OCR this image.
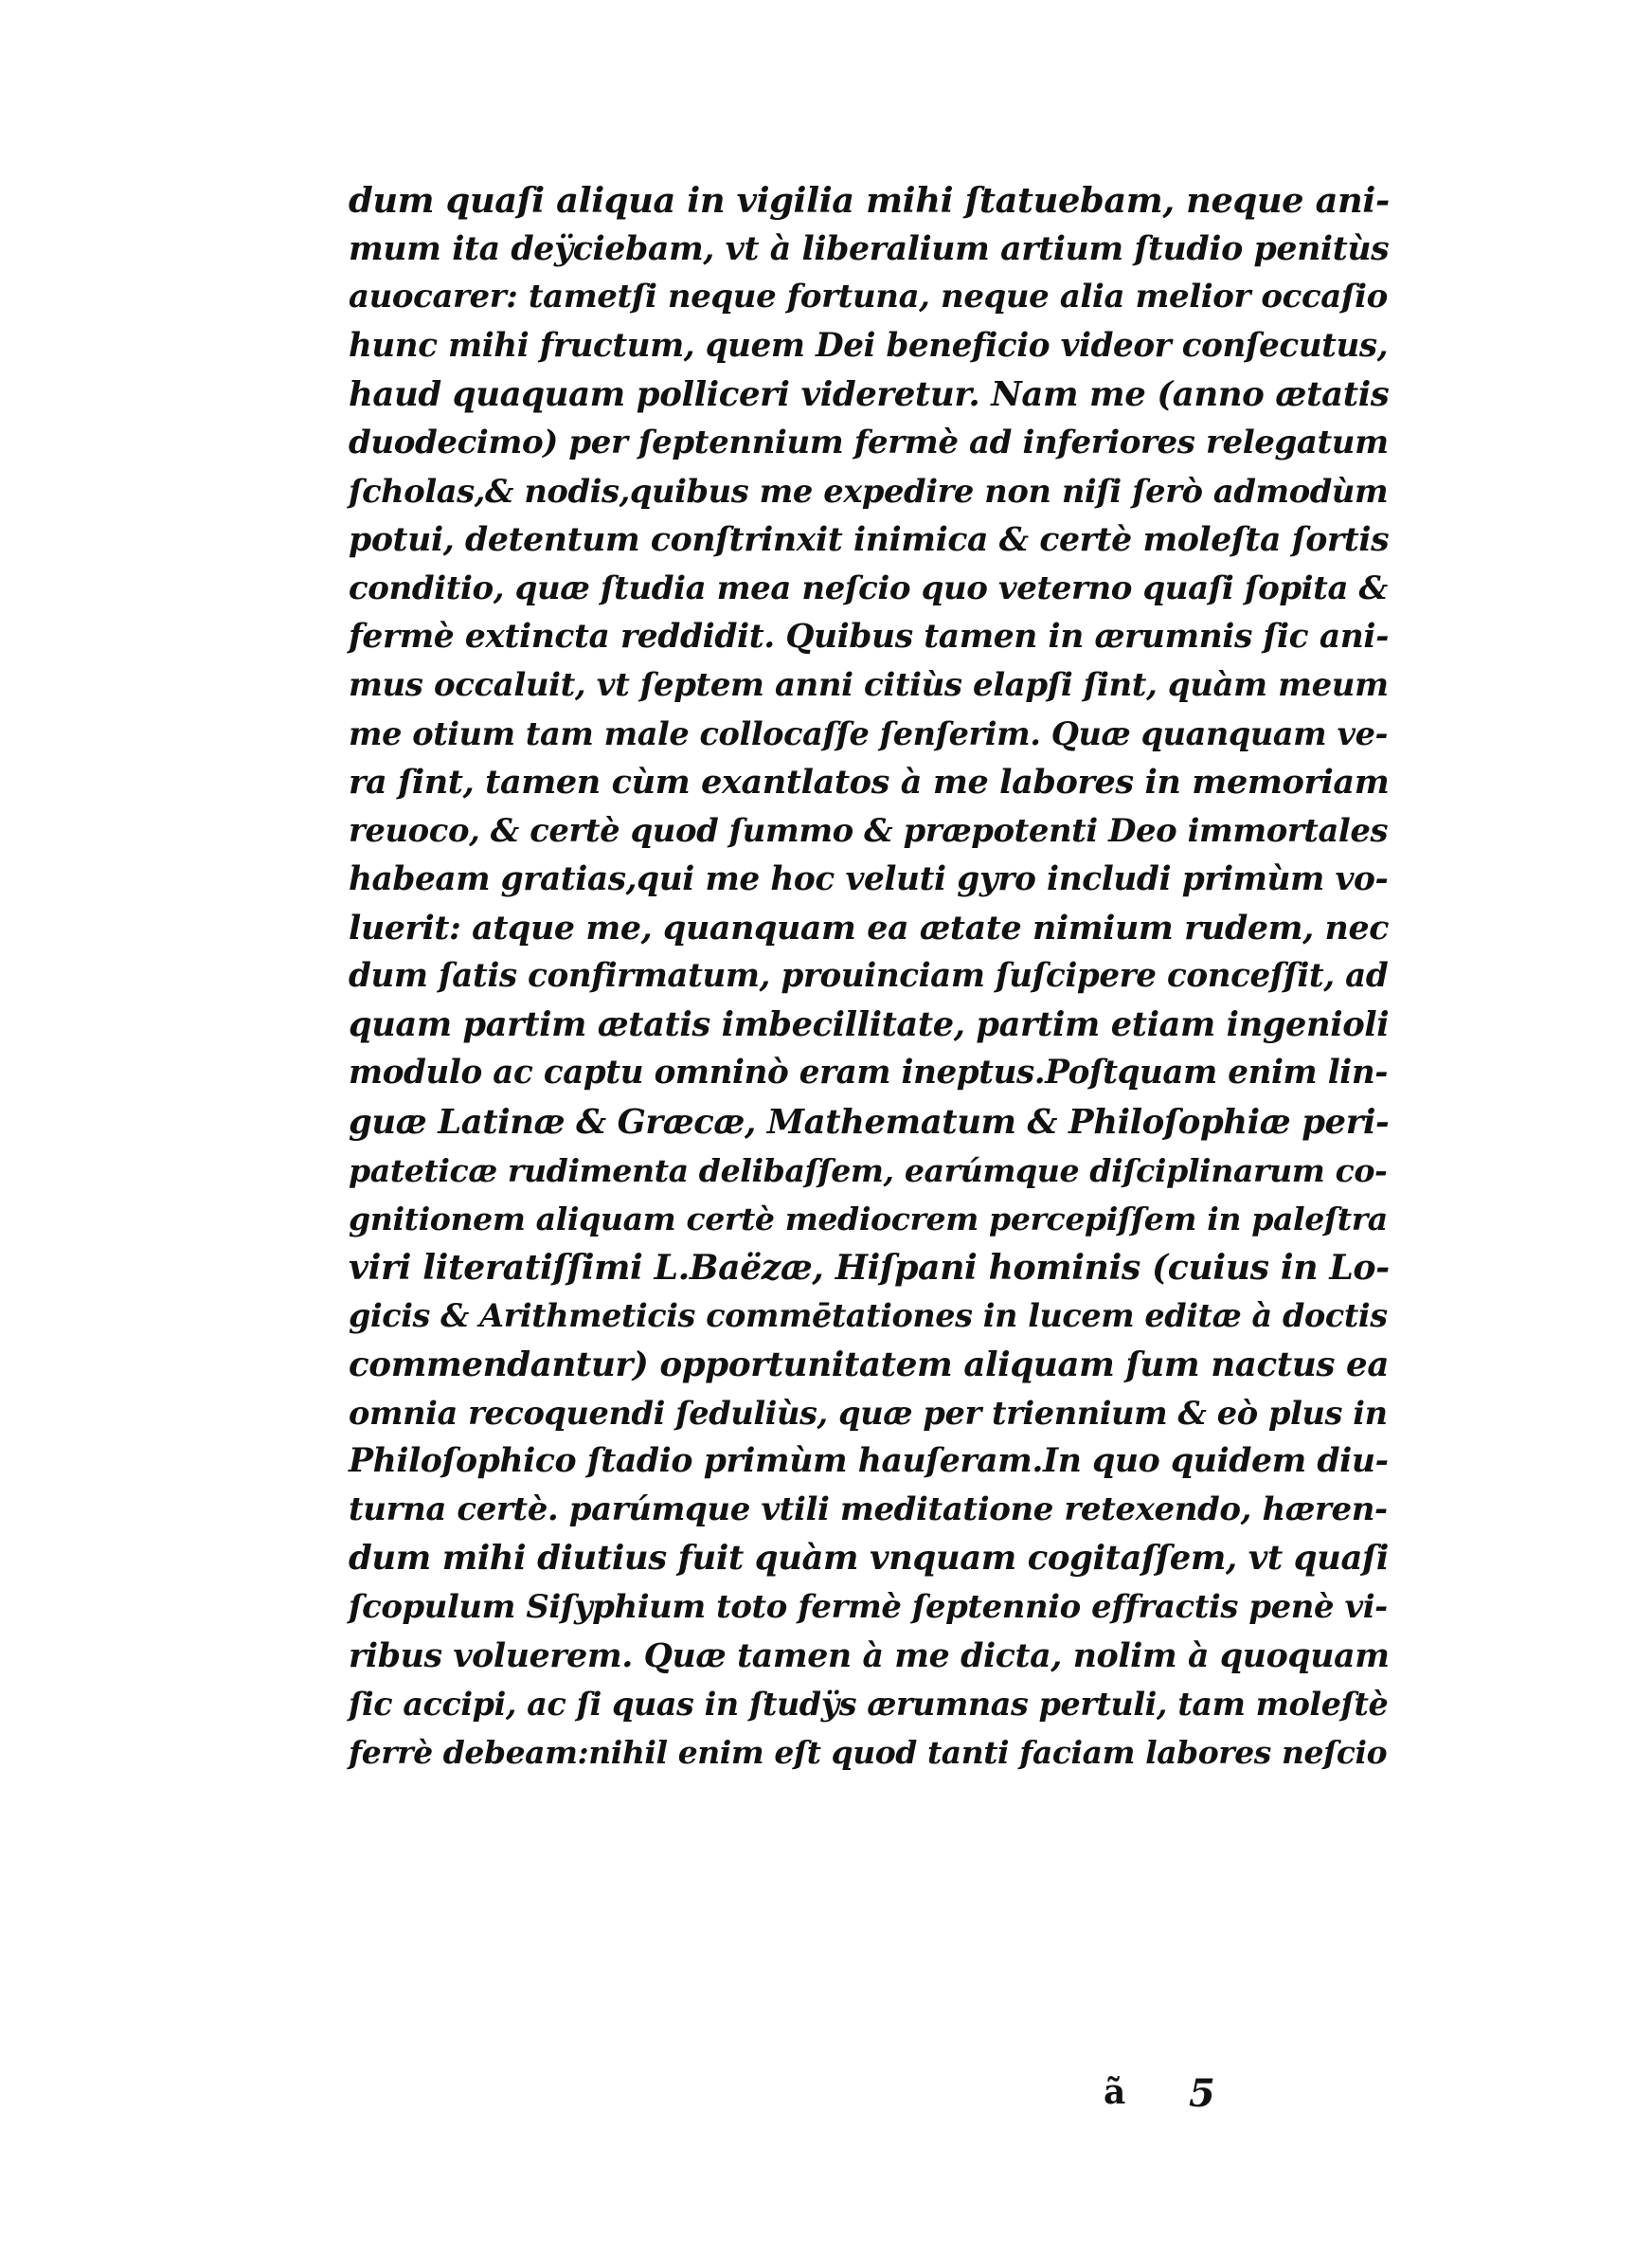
dum quaſi aliqua in vigilia mihi ſtatuebam, neque ani-
mum ita deÿciebam, vt à liberalium artium ſtudio penitùs
auocarer: tametſi neque fortuna, neque alia melior occaſio
hunc mihi fructum, quem Dei beneficio videor conſecutus,
haud quaquam polliceri videretur. Nam me (anno ætatis
duodecimo) per ſeptennium fermè ad inferiores relegatum
ſcholas,& nodis,quibus me expedire non niſi ſerò admodùm
potui, detentum conſtrinxit inimica & certè moleſta ſortis
conditio, quæ ſtudia mea neſcio quo veterno quaſi ſopita &
fermè extincta reddidit. Quibus tamen in ærumnis ſic ani-
mus occaluit, vt ſeptem anni citiùs elapſi ſint, quàm meum
me otium tam male collocaſſe ſenſerim. Quæ quanquam ve-
ra ſint, tamen cùm exantlatos à me labores in memoriam
reuoco, & certè quod ſummo & præpotenti Deo immortales
habeam gratias,qui me hoc veluti gyro includi primùm vo-
luerit: atque me, quanquam ea ætate nimium rudem, nec
dum ſatis confirmatum, prouinciam ſuſcipere conceſſit, ad
quam partim ætatis imbecillitate, partim etiam ingenioli
modulo ac captu omninò eram ineptus.Poſtquam enim lin-
guæ Latinæ & Græcæ, Mathematum & Philoſophiæ peri-
pateticæ rudimenta delibaſſem, earúmque diſciplinarum co-
gnitionem aliquam certè mediocrem percepiſſem in paleſtra
viri literatiſſimi L.Baëzæ, Hiſpani hominis (cuius in Lo-
gicis & Arithmeticis commētationes in lucem editæ à doctis
commendantur) opportunitatem aliquam ſum nactus ea
omnia recoquendi ſeduliùs, quæ per triennium & eò plus in
Philoſophico ſtadio primùm hauſeram.In quo quidem diu-
turna certè. parúmque vtili meditatione retexendo, hæren-
dum mihi diutius fuit quàm vnquam cogitaſſem, vt quaſi
ſcopulum Siſyphium toto fermè ſeptennio effractis penè vi-
ribus voluerem. Quæ tamen à me dicta, nolim à quoquam
ſic accipi, ac ſi quas in ſtudÿs ærumnas pertuli, tam moleſtè
ferrè debeam:nihil enim eſt quod tanti faciam labores neſcio
ã 5
